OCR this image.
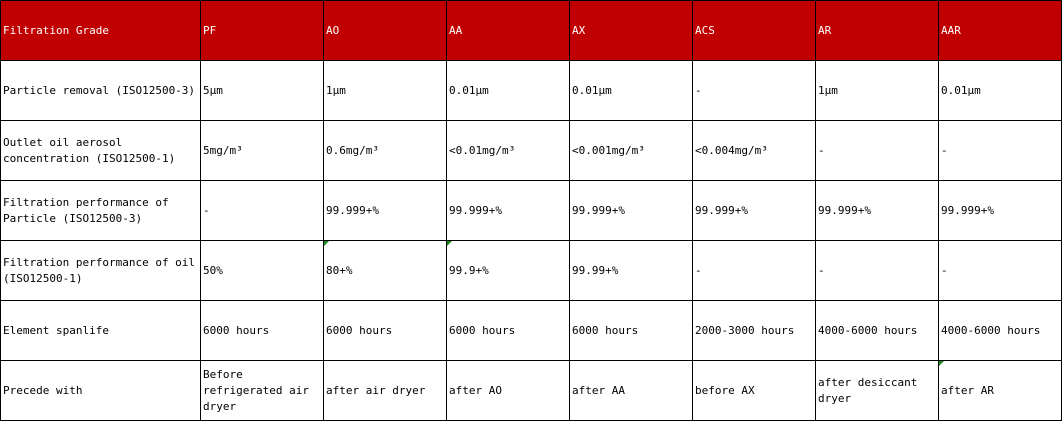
Filtration Grade	PF	AO	AA	AX	ACS	AR	AAR
Particle removal (ISO12500-3)	5μm	1μm	0.01μm	0.01μm	-	1μm	0.01μm
Outlet oil aerosol concentration (ISO12500-1)	5mg/m³	0.6mg/m³	<0.01mg/m³	<0.001mg/m³	<0.004mg/m³	-	-
Filtration performance of Particle (ISO12500-3)	-	99.999+%	99.999+%	99.999+%	99.999+%	99.999+%	99.999+%
Filtration performance of oil (ISO12500-1)	50%	80+%	99.9+%	99.99+%	-	-	-
Element spanlife	6000 hours	6000 hours	6000 hours	6000 hours	2000-3000 hours	4000-6000 hours	4000-6000 hours
Precede with	Before refrigerated air dryer	after air dryer	after AO	after AA	before AX	after desiccant dryer	after AR
